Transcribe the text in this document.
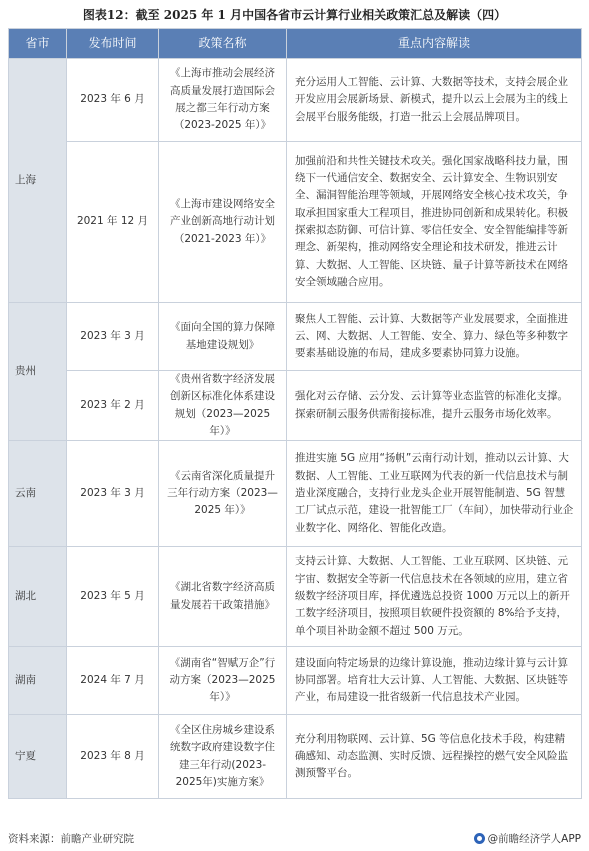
图表12：截至 2025 年 1 月中国各省市云计算行业相关政策汇总及解读（四）
省市	发布时间	政策名称	重点内容解读
上海	2023 年 6 月	《上海市推动会展经济高质量发展打造国际会展之都三年行动方案（2023-2025 年）》	充分运用人工智能、云计算、大数据等技术，支持会展企业开发应用会展新场景、新模式，提升以云上会展为主的线上会展平台服务能级，打造一批云上会展品牌项目。
	2021 年 12 月	《上海市建设网络安全产业创新高地行动计划（2021-2023 年）》	加强前沿和共性关键技术攻关。强化国家战略科技力量，围绕下一代通信安全、数据安全、云计算安全、生物识别安全、漏洞智能治理等领域，开展网络安全核心技术攻关，争取承担国家重大工程项目，推进协同创新和成果转化。积极探索拟态防御、可信计算、零信任安全、安全智能编排等新理念、新架构，推动网络安全理论和技术研发，推进云计算、大数据、人工智能、区块链、量子计算等新技术在网络安全领域融合应用。
贵州	2023 年 3 月	《面向全国的算力保障基地建设规划》	聚焦人工智能、云计算、大数据等产业发展要求，全面推进云、网、大数据、人工智能、安全、算力、绿色等多种数字要素基础设施的布局，建成多要素协同算力设施。
	2023 年 2 月	《贵州省数字经济发展创新区标准化体系建设规划（2023—2025 年）》	强化对云存储、云分发、云计算等业态监管的标准化支撑。探索研制云服务供需衔接标准，提升云服务市场化效率。
云南	2023 年 3 月	《云南省深化质量提升三年行动方案（2023—2025 年）》	推进实施 5G 应用“扬帆”云南行动计划，推动以云计算、大数据、人工智能、工业互联网为代表的新一代信息技术与制造业深度融合，支持行业龙头企业开展智能制造、5G 智慧工厂试点示范，建设一批智能工厂（车间），加快带动行业企业数字化、网络化、智能化改造。
湖北	2023 年 5 月	《湖北省数字经济高质量发展若干政策措施》	支持云计算、大数据、人工智能、工业互联网、区块链、元宇宙、数据安全等新一代信息技术在各领域的应用，建立省级数字经济项目库，择优遴选总投资 1000 万元以上的新开工数字经济项目，按照项目软硬件投资额的 8%给予支持，单个项目补助金额不超过 500 万元。
湖南	2024 年 7 月	《湖南省“智赋万企”行动方案（2023—2025 年）》	建设面向特定场景的边缘计算设施，推动边缘计算与云计算协同部署。培育壮大云计算、人工智能、大数据、区块链等产业，布局建设一批省级新一代信息技术产业园。
宁夏	2023 年 8 月	《全区住房城乡建设系统数字政府建设数字住建三年行动(2023-2025年)实施方案》	充分利用物联网、云计算、5G 等信息化技术手段，构建精确感知、动态监测、实时反馈、远程操控的燃气安全风险监测预警平台。
资料来源：前瞻产业研究院	@前瞻经济学人APP
